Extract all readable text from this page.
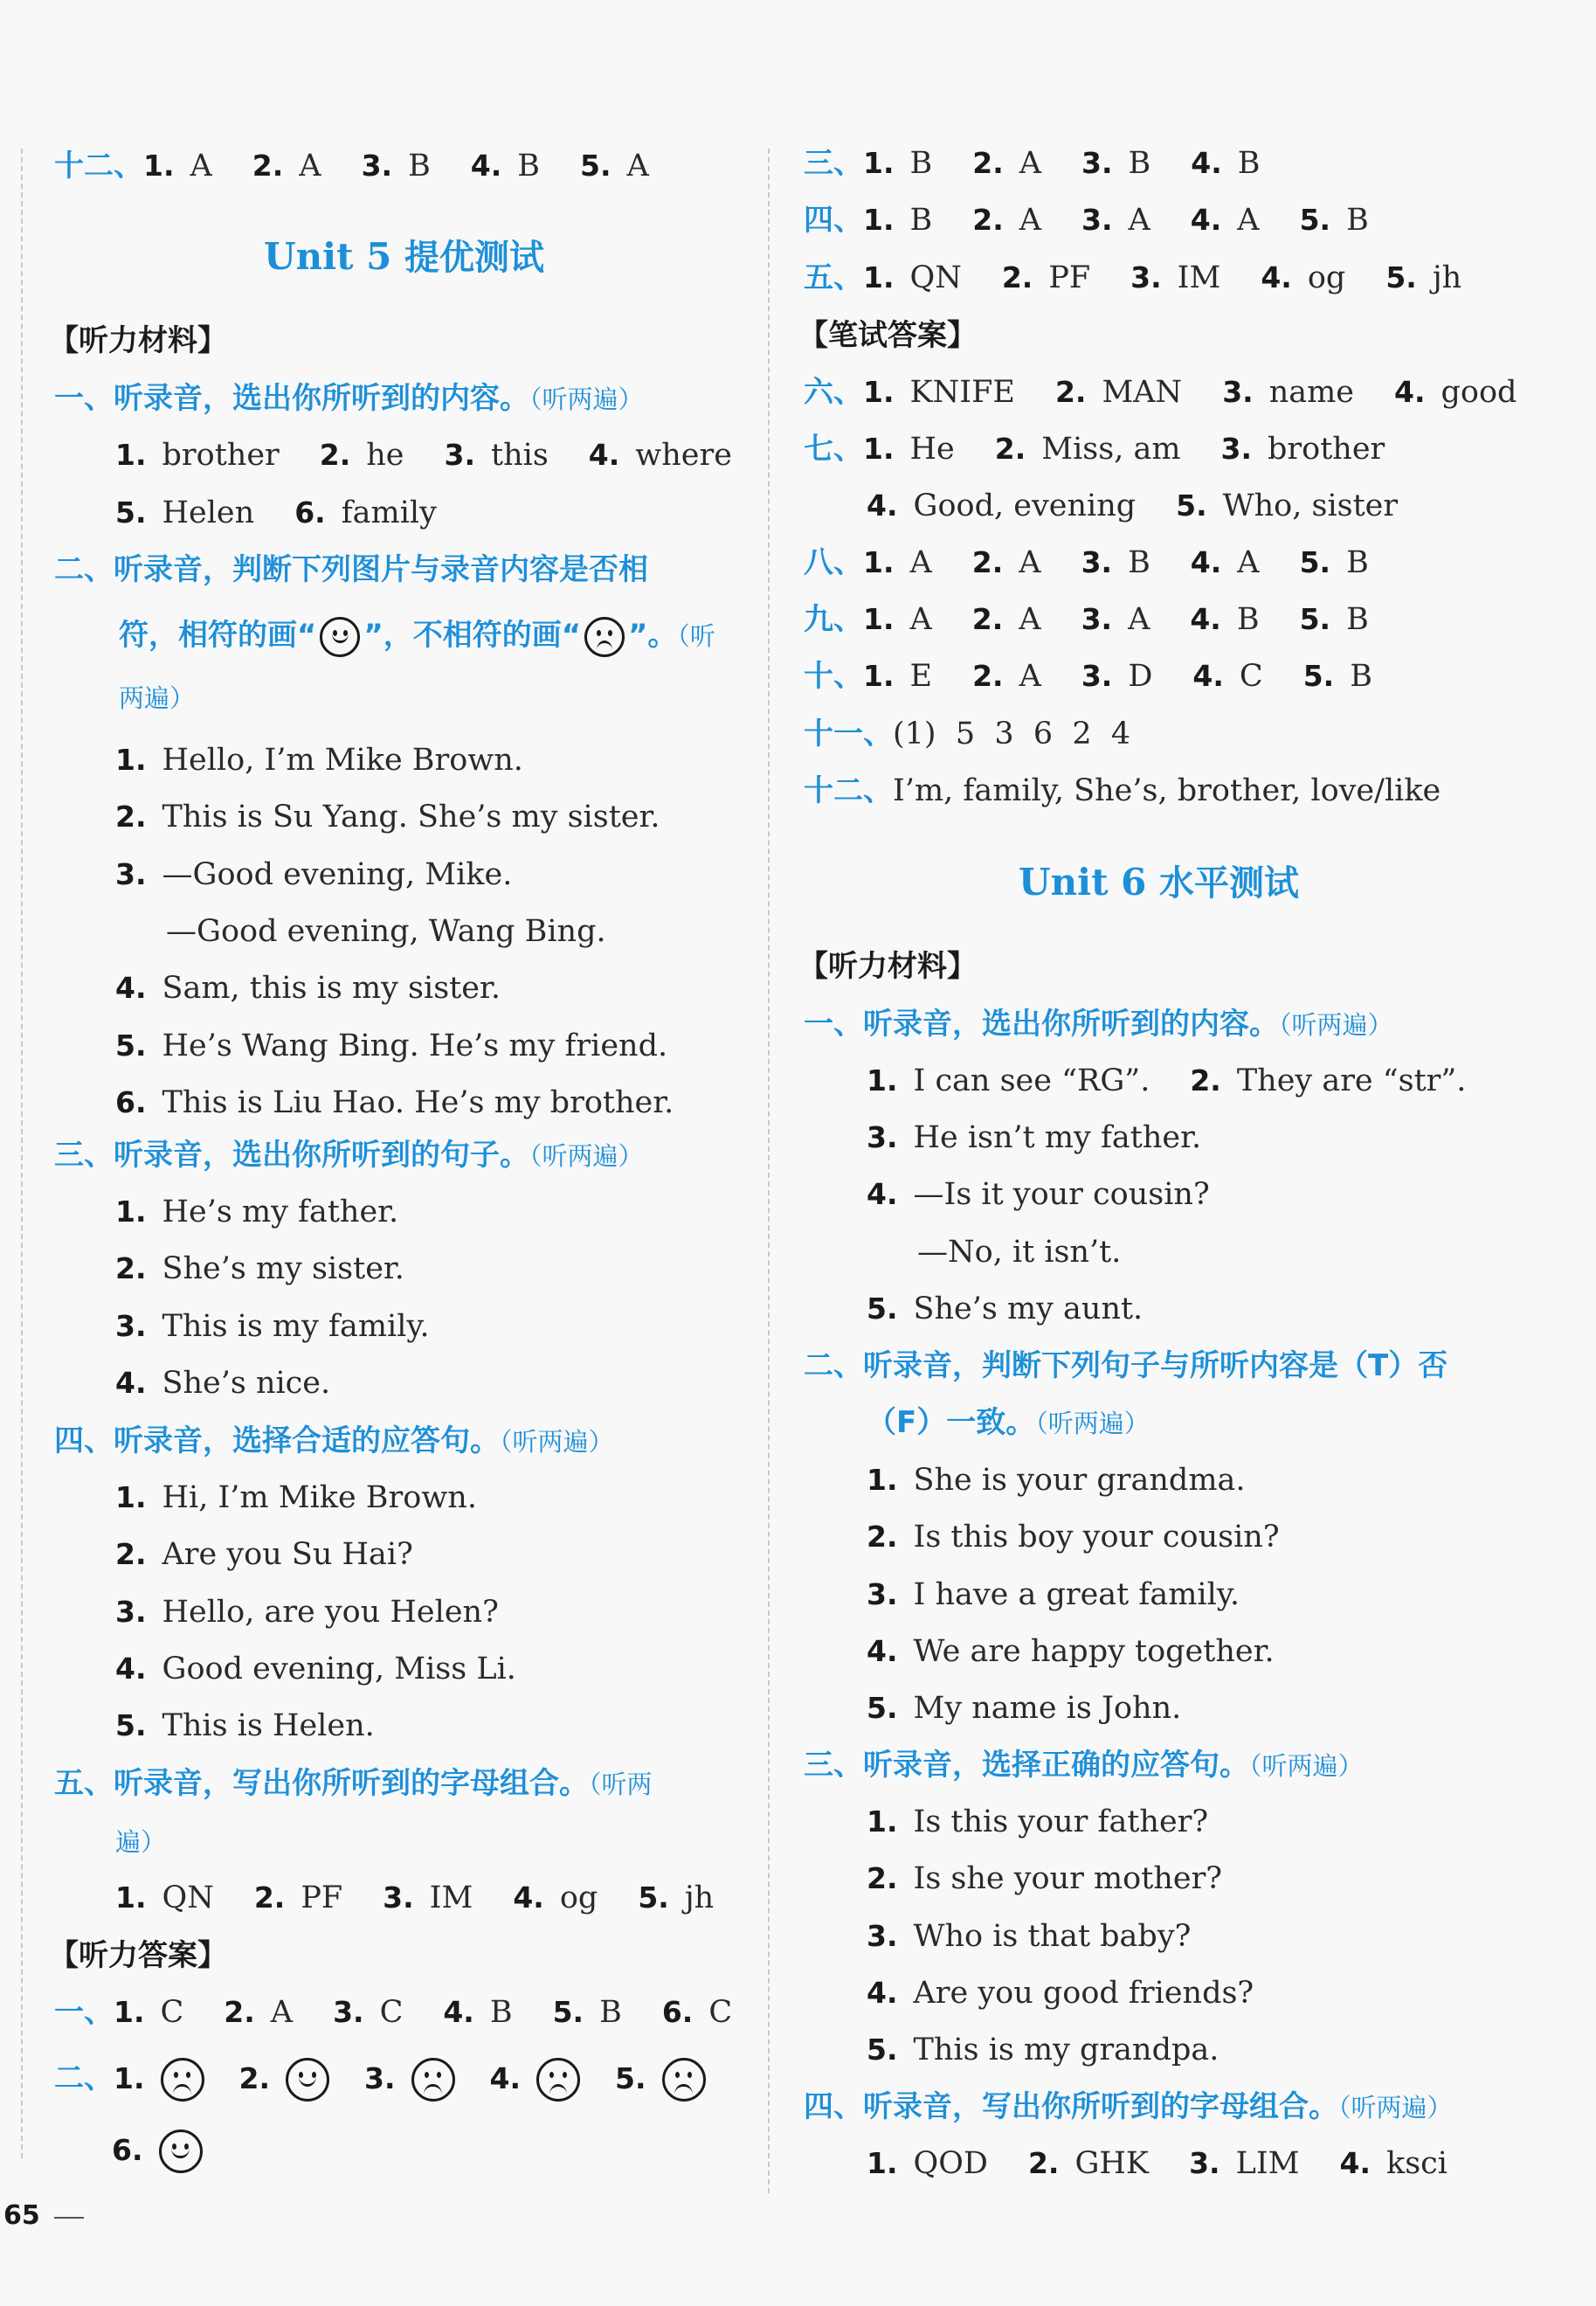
十二、1. A 2. A 3. B 4. B 5. A
Unit 5 提优测试
【听力材料】
一、听录音，选出你所听到的内容。（听两遍）
1. brother 2. he 3. this 4. where
5. Helen 6. family
二、听录音，判断下列图片与录音内容是否相
符，相符的画“ ”，不相符的画“ ”。（听
两遍）
1. Hello, I’m Mike Brown.
2. This is Su Yang. She’s my sister.
3. —Good evening, Mike.
—Good evening, Wang Bing.
4. Sam, this is my sister.
5. He’s Wang Bing. He’s my friend.
6. This is Liu Hao. He’s my brother.
三、听录音，选出你所听到的句子。（听两遍）
1. He’s my father.
2. She’s my sister.
3. This is my family.
4. She’s nice.
四、听录音，选择合适的应答句。（听两遍）
1. Hi, I’m Mike Brown.
2. Are you Su Hai?
3. Hello, are you Helen?
4. Good evening, Miss Li.
5. This is Helen.
五、听录音，写出你所听到的字母组合。（听两
遍）
1. QN 2. PF 3. IM 4. og 5. jh
【听力答案】
一、1. C 2. A 3. C 4. B 5. B 6. C
二、1.	2.	3.	4.	5.
6.
65
三、1. B 2. A 3. B 4. B
四、1. B 2. A 3. A 4. A 5. B
五、1. QN 2. PF 3. IM 4. og 5. jh
【笔试答案】
六、1. KNIFE 2. MAN 3. name 4. good
七、1. He 2. Miss, am 3. brother
4. Good, evening 5. Who, sister
八、1. A 2. A 3. B 4. A 5. B
九、1. A 2. A 3. A 4. B 5. B
十、1. E 2. A 3. D 4. C 5. B
十一、(1)  5  3  6  2  4
十二、I’m, family, She’s, brother, love/like
Unit 6 水平测试
【听力材料】
一、听录音，选出你所听到的内容。（听两遍）
1. I can see “RG”. 2. They are “str”.
3. He isn’t my father.
4. —Is it your cousin?
—No, it isn’t.
5. She’s my aunt.
二、听录音，判断下列句子与所听内容是（T）否
（F）一致。（听两遍）
1. She is your grandma.
2. Is this boy your cousin?
3. I have a great family.
4. We are happy together.
5. My name is John.
三、听录音，选择正确的应答句。（听两遍）
1. Is this your father?
2. Is she your mother?
3. Who is that baby?
4. Are you good friends?
5. This is my grandpa.
四、听录音，写出你所听到的字母组合。（听两遍）
1. QOD 2. GHK 3. LIM 4. ksci
